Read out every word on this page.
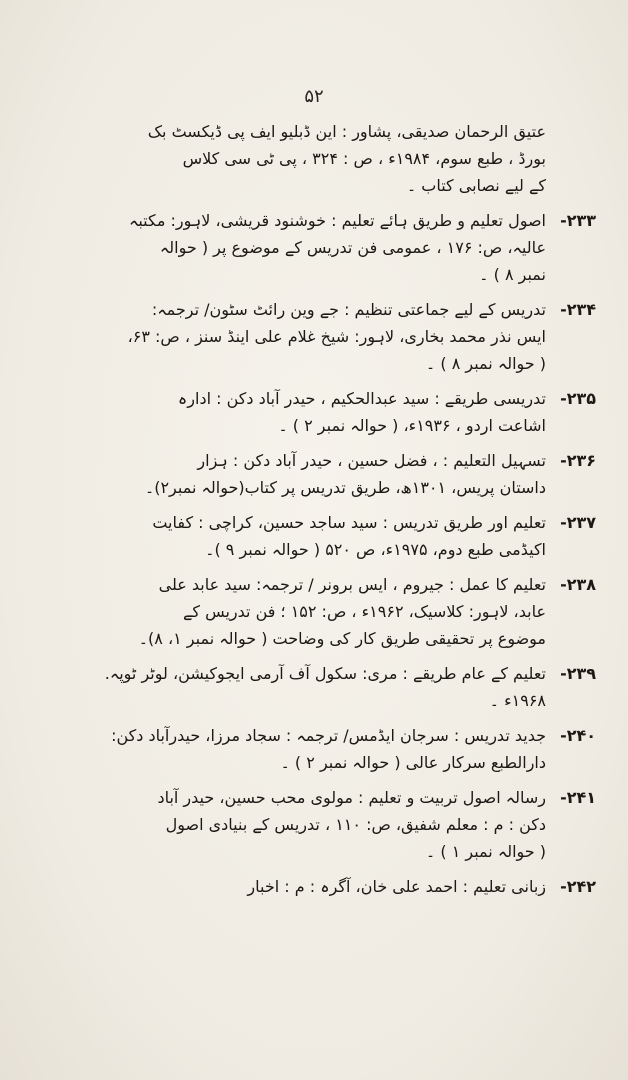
۵۲
عتیق الرحمان صدیقی، پشاور : این ڈبلیو ایف پی ڈیکسٹ بک
بورڈ ، طبع سوم، ۱۹۸۴ء ، ص : ۳۲۴ ، پی ٹی سی کلاس
کے لیے نصابی کتاب ۔
۲۳۳-
اصول تعلیم و طریق ہائے تعلیم : خوشنود قریشی، لاہور: مکتبہ
عالیہ، ص: ۱۷۶ ، عمومی فن تدریس کے موضوع پر ( حوالہ
نمبر ۸ ) ۔
۲۳۴-
تدریس کے لیے جماعتی تنظیم : جے وین رائٹ سٹون/ ترجمہ:
ایس نذر محمد بخاری، لاہور: شیخ غلام علی اینڈ سنز ، ص: ۶۳،
( حوالہ نمبر ۸ ) ۔
۲۳۵-
تدریسی طریقے : سید عبدالحکیم ، حیدر آباد دکن : ادارہ
اشاعت اردو ، ۱۹۳۶ء، ( حوالہ نمبر ۲ ) ۔
۲۳۶-
تسہیل التعلیم : ، فضل حسین ، حیدر آباد دکن : ہزار
داستان پریس، ۱۳۰۱ھ، طریق تدریس پر کتاب(حوالہ نمبر۲)۔
۲۳۷-
تعلیم اور طریق تدریس : سید ساجد حسین، کراچی : کفایت
اکیڈمی طبع دوم، ۱۹۷۵ء، ص ۵۲۰ ( حوالہ نمبر ۹ )۔
۲۳۸-
تعلیم کا عمل : جیروم ، ایس برونر / ترجمہ: سید عابد علی
عابد، لاہور: کلاسیک، ۱۹۶۲ء ، ص: ۱۵۲ ؛ فن تدریس کے
موضوع پر تحقیقی طریق کار کی وضاحت ( حوالہ نمبر ۱، ۸)۔
۲۳۹-
تعلیم کے عام طریقے : مری: سکول آف آرمی ایجوکیشن، لوٹر ٹوپہ.
۱۹۶۸ء ۔
۲۴۰-
جدید تدریس : سرجان ایڈمس/ ترجمہ : سجاد مرزا، حیدرآباد دکن:
دارالطبع سرکار عالی ( حوالہ نمبر ۲ ) ۔
۲۴۱-
رسالہ اصول تربیت و تعلیم : مولوی محب حسین، حیدر آباد
دکن : م : معلم شفیق، ص: ۱۱۰ ، تدریس کے بنیادی اصول
( حوالہ نمبر ۱ ) ۔
۲۴۲-
زبانی تعلیم : احمد علی خان، آگرہ : م : اخبار
